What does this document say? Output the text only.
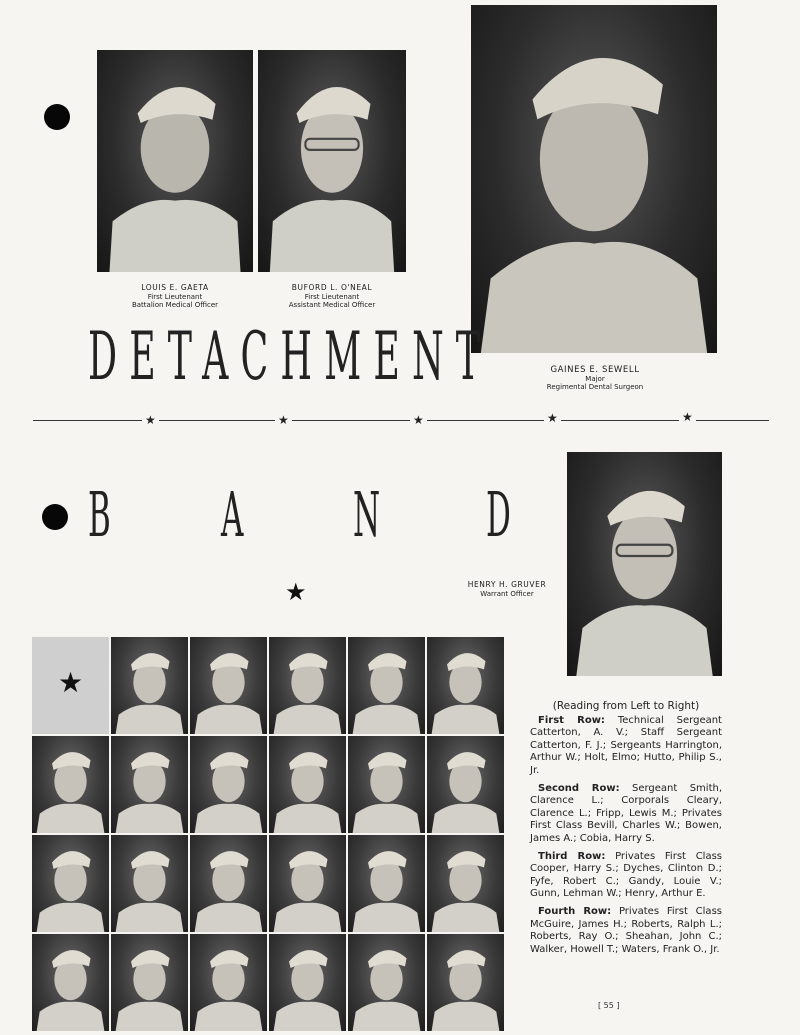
LOUIS E. GAETA
First Lieutenant
Battalion Medical Officer
BUFORD L. O'NEAL
First Lieutenant
Assistant Medical Officer
GAINES E. SEWELL
Major
Regimental Dental Surgeon
HENRY H. GRUVER
Warrant Officer
DETACHMENT
★	★	★	★	★
B A N D
★
★

(Reading from Left to Right)

First Row: Technical Sergeant Catterton, A. V.; Staff Sergeant Catterton, F. J.; Sergeants Harrington, Arthur W.; Holt, Elmo; Hutto, Philip S., Jr.

Second Row: Sergeant Smith, Clarence L.; Corporals Cleary, Clarence L.; Fripp, Lewis M.; Privates First Class Bevill, Charles W.; Bowen, James A.; Cobia, Harry S.

Third Row: Privates First Class Cooper, Harry S.; Dyches, Clinton D.; Fyfe, Robert C.; Gandy, Louie V.; Gunn, Lehman W.; Henry, Arthur E.

Fourth Row: Privates First Class McGuire, James H.; Roberts, Ralph L.; Roberts, Ray O.; Sheahan, John C.; Walker, Howell T.; Waters, Frank O., Jr.

[ 55 ]
